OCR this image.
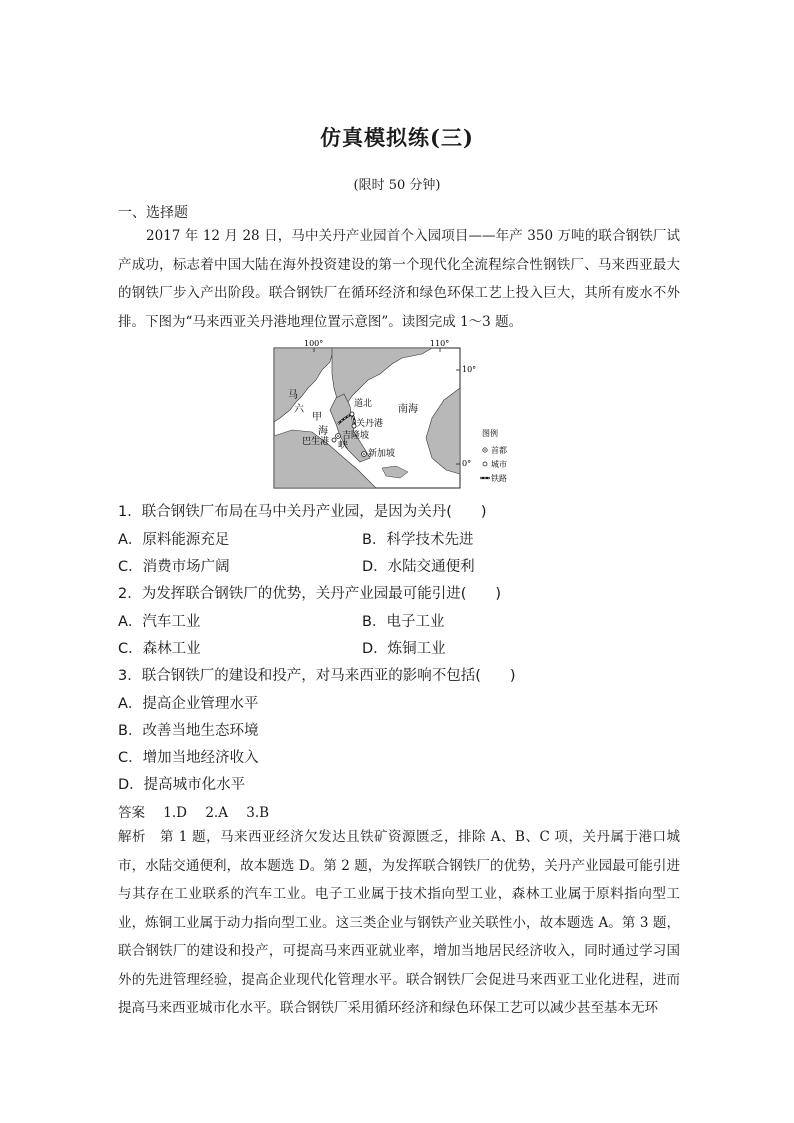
仿真模拟练(三)
(限时 50 分钟)
一、选择题
2017 年 12 月 28 日，马中关丹产业园首个入园项目——年产 350 万吨的联合钢铁厂试产成功，标志着中国大陆在海外投资建设的第一个现代化全流程综合性钢铁厂、马来西亚最大的钢铁厂步入产出阶段。联合钢铁厂在循环经济和绿色环保工艺上投入巨大，其所有废水不外排。下图为“马来西亚关丹港地理位置示意图”。读图完成 1～3 题。
100°	110°
10°
0°
道北	南海
关丹港
吉隆坡
巴生港
新加坡
马
六
甲
海
峡
图例
首都
城市
铁路
1．联合钢铁厂布局在马中关丹产业园，是因为关丹(　　)
A．原料能源充足	B．科学技术先进
C．消费市场广阔	D．水陆交通便利
2．为发挥联合钢铁厂的优势，关丹产业园最可能引进(　　)
A．汽车工业	B．电子工业
C．森林工业	D．炼铜工业
3．联合钢铁厂的建设和投产，对马来西亚的影响不包括(　　)
A．提高企业管理水平
B．改善当地生态环境
C．增加当地经济收入
D．提高城市化水平
答案 1.D 2.A 3.B
解析　 第 1 题，马来西亚经济欠发达且铁矿资源匮乏，排除 A、B、C 项，关丹属于港口城市，水陆交通便利，故本题选 D。第 2 题，为发挥联合钢铁厂的优势，关丹产业园最可能引进与其存在工业联系的汽车工业。电子工业属于技术指向型工业，森林工业属于原料指向型工业，炼铜工业属于动力指向型工业。这三类企业与钢铁产业关联性小，故本题选 A。第 3 题，联合钢铁厂的建设和投产，可提高马来西亚就业率，增加当地居民经济收入，同时通过学习国外的先进管理经验，提高企业现代化管理水平。联合钢铁厂会促进马来西亚工业化进程，进而提高马来西亚城市化水平。联合钢铁厂采用循环经济和绿色环保工艺可以减少甚至基本无环
